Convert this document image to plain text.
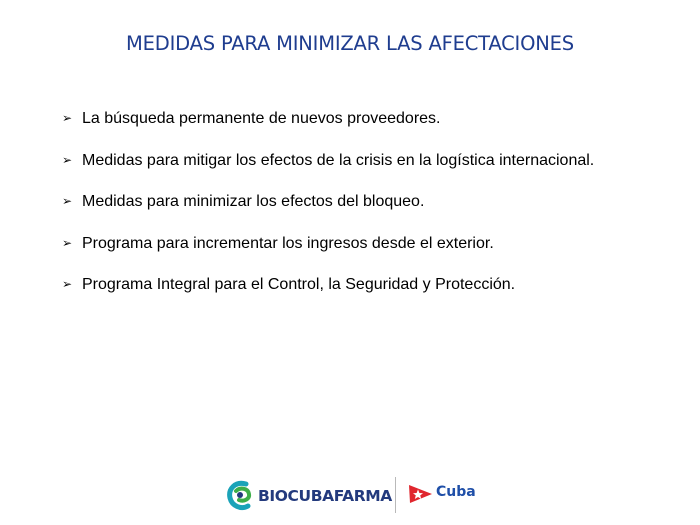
MEDIDAS PARA MINIMIZAR LAS AFECTACIONES
➢ La búsqueda permanente de nuevos proveedores.
➢ Medidas para mitigar los efectos de la crisis en la logística internacional.
➢ Medidas para minimizar los efectos del bloqueo.
➢ Programa para incrementar los ingresos desde el exterior.
➢ Programa Integral para el Control, la Seguridad y Protección.
BIOCUBAFARMA	Cuba
